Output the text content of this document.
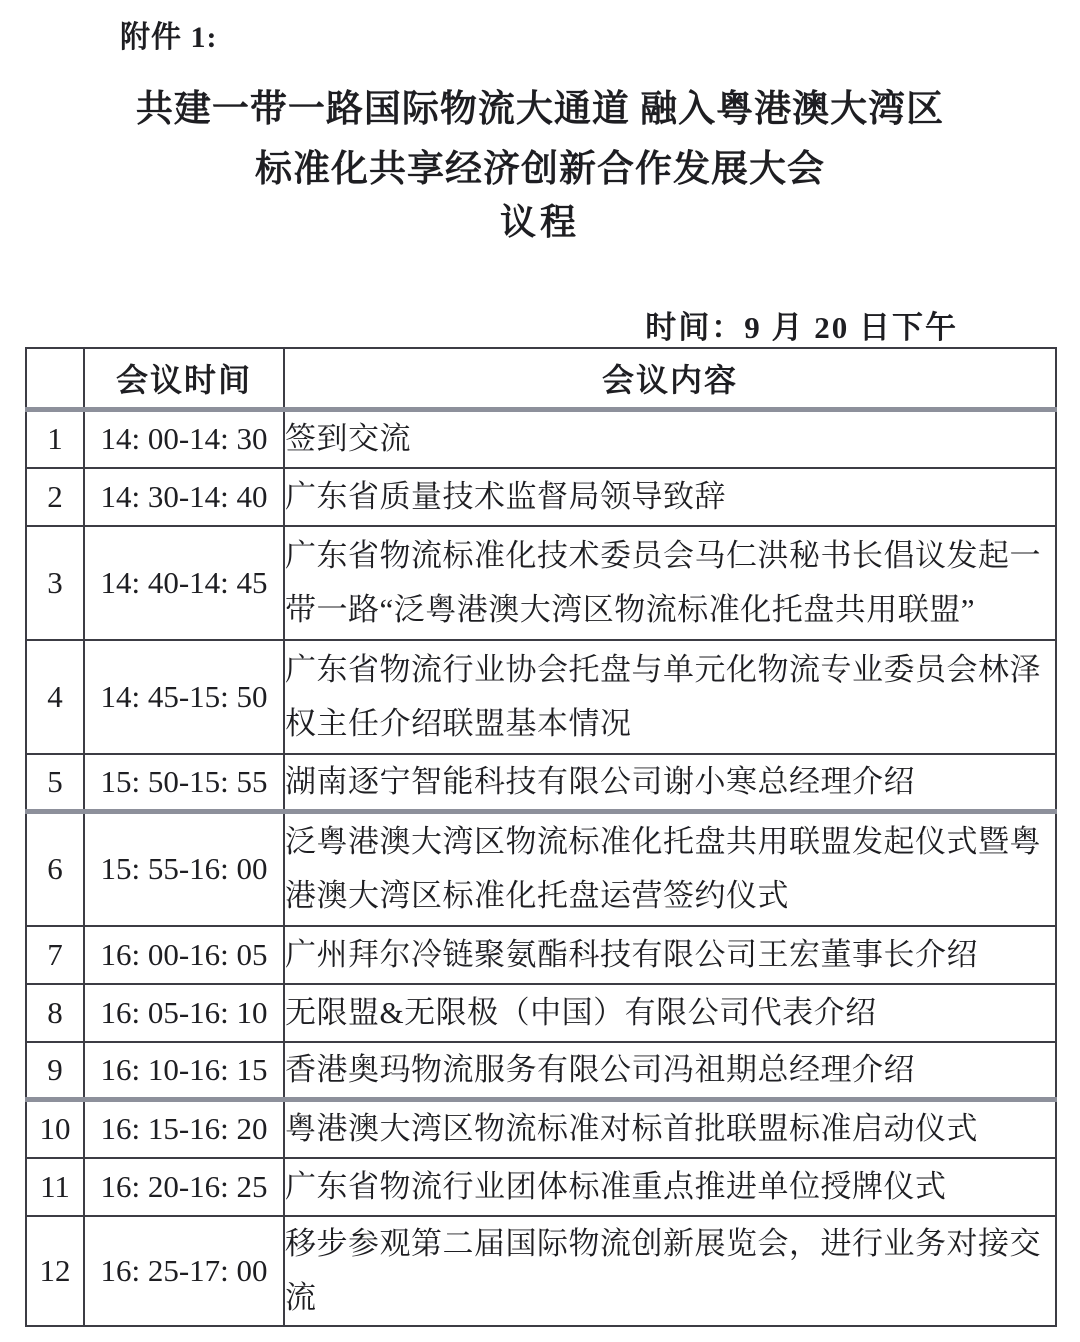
附件 1:
共建一带一路国际物流大通道 融入粤港澳大湾区
标准化共享经济创新合作发展大会
议程
时间：9 月 20 日下午
	会议时间	会议内容
1	14: 00-14: 30	签到交流
2	14: 30-14: 40	广东省质量技术监督局领导致辞
3	14: 40-14: 45	广东省物流标准化技术委员会马仁洪秘书长倡议发起一带一路“泛粤港澳大湾区物流标准化托盘共用联盟”
4	14: 45-15: 50	广东省物流行业协会托盘与单元化物流专业委员会林泽权主任介绍联盟基本情况
5	15: 50-15: 55	湖南逐宁智能科技有限公司谢小寒总经理介绍
6	15: 55-16: 00	泛粤港澳大湾区物流标准化托盘共用联盟发起仪式暨粤港澳大湾区标准化托盘运营签约仪式
7	16: 00-16: 05	广州拜尔冷链聚氨酯科技有限公司王宏董事长介绍
8	16: 05-16: 10	无限盟&无限极（中国）有限公司代表介绍
9	16: 10-16: 15	香港奥玛物流服务有限公司冯祖期总经理介绍
10	16: 15-16: 20	粤港澳大湾区物流标准对标首批联盟标准启动仪式
11	16: 20-16: 25	广东省物流行业团体标准重点推进单位授牌仪式
12	16: 25-17: 00	移步参观第二届国际物流创新展览会，进行业务对接交流
